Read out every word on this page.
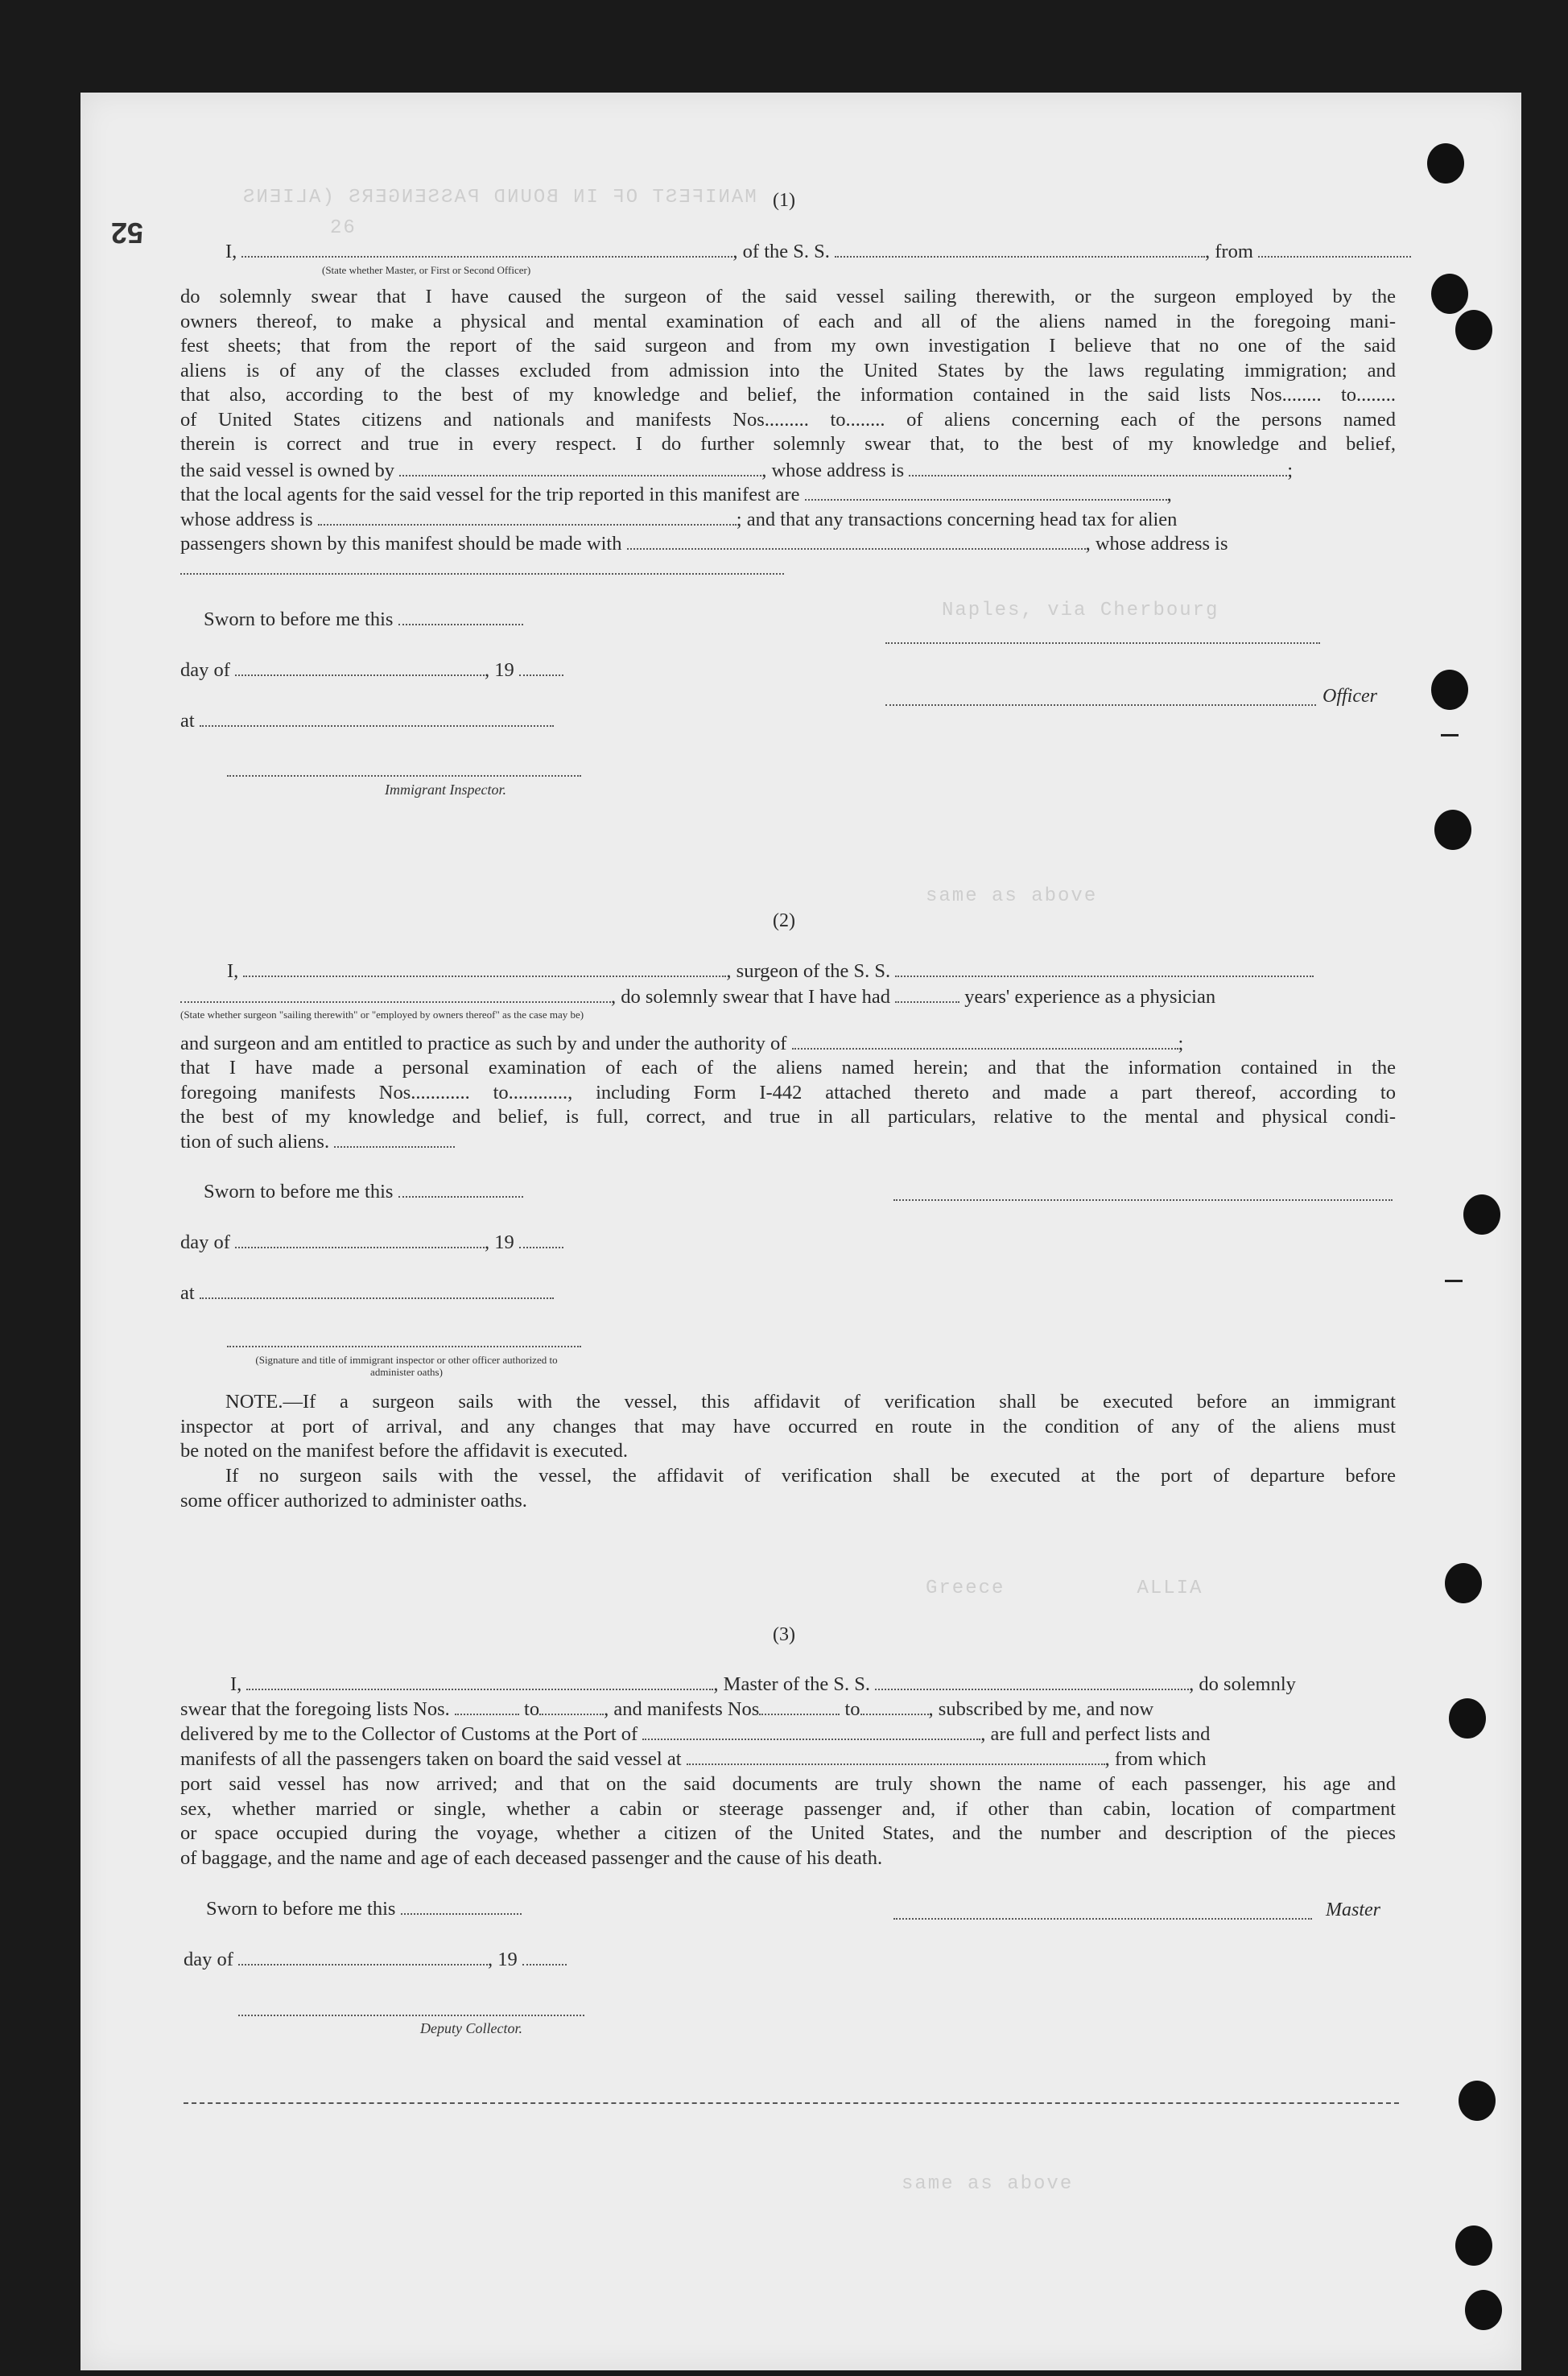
MANIFEST OF IN BOUND PASSENGERS (ALIENS
26
Naples, via Cherbourg
Greece          ALLIA
same as above
same as above
52
(1)
I,	, of the S. S.	, from
(State whether Master, or First or Second Officer)
do solemnly swear that I have caused the surgeon of the said vessel sailing therewith, or the surgeon employed by the
owners thereof, to make a physical and mental examination of each and all of the aliens named in the foregoing mani-
fest sheets; that from the report of the said surgeon and from my own investigation I believe that no one of the said
aliens is of any of the classes excluded from admission into the United States by the laws regulating immigration; and
that also, according to the best of my knowledge and belief, the information contained in the said lists Nos........ to........
of United States citizens and nationals and manifests Nos......... to........ of aliens concerning each of the persons named
therein is correct and true in every respect. I do further solemnly swear that, to the best of my knowledge and belief,
the said vessel is owned by	, whose address is	;
that the local agents for the said vessel for the trip reported in this manifest are	,
whose address is	; and that any transactions concerning head tax for alien
passengers shown by this manifest should be made with	, whose address is
Sworn to before me this
day of	, 19
Officer
at
Immigrant Inspector.
(2)
I,	, surgeon of the S. S.
, do solemnly swear that I have had	years' experience as a physician
(State whether surgeon "sailing therewith" or "employed by owners thereof" as the case may be)
and surgeon and am entitled to practice as such by and under the authority of	;
that I have made a personal examination of each of the aliens named herein; and that the information contained in the
foregoing manifests Nos............ to............, including Form I-442 attached thereto and made a part thereof, according to
the best of my knowledge and belief, is full, correct, and true in all particulars, relative to the mental and physical condi-
tion of such aliens.
Sworn to before me this
day of	, 19
at
(Signature and title of immigrant inspector or other officer authorized to administer oaths)
NOTE.—If a surgeon sails with the vessel, this affidavit of verification shall be executed before an immigrant
inspector at port of arrival, and any changes that may have occurred en route in the condition of any of the aliens must
be noted on the manifest before the affidavit is executed.
If no surgeon sails with the vessel, the affidavit of verification shall be executed at the port of departure before
some officer authorized to administer oaths.
(3)
I,	, Master of the S. S.	, do solemnly
swear that the foregoing lists Nos.	to	, and manifests Nos	to	, subscribed by me, and now
delivered by me to the Collector of Customs at the Port of	, are full and perfect lists and
manifests of all the passengers taken on board the said vessel at	, from which
port said vessel has now arrived; and that on the said documents are truly shown the name of each passenger, his age and
sex, whether married or single, whether a cabin or steerage passenger and, if other than cabin, location of compartment
or space occupied during the voyage, whether a citizen of the United States, and the number and description of the pieces
of baggage, and the name and age of each deceased passenger and the cause of his death.
Sworn to before me this	Master
day of	, 19
Deputy Collector.
